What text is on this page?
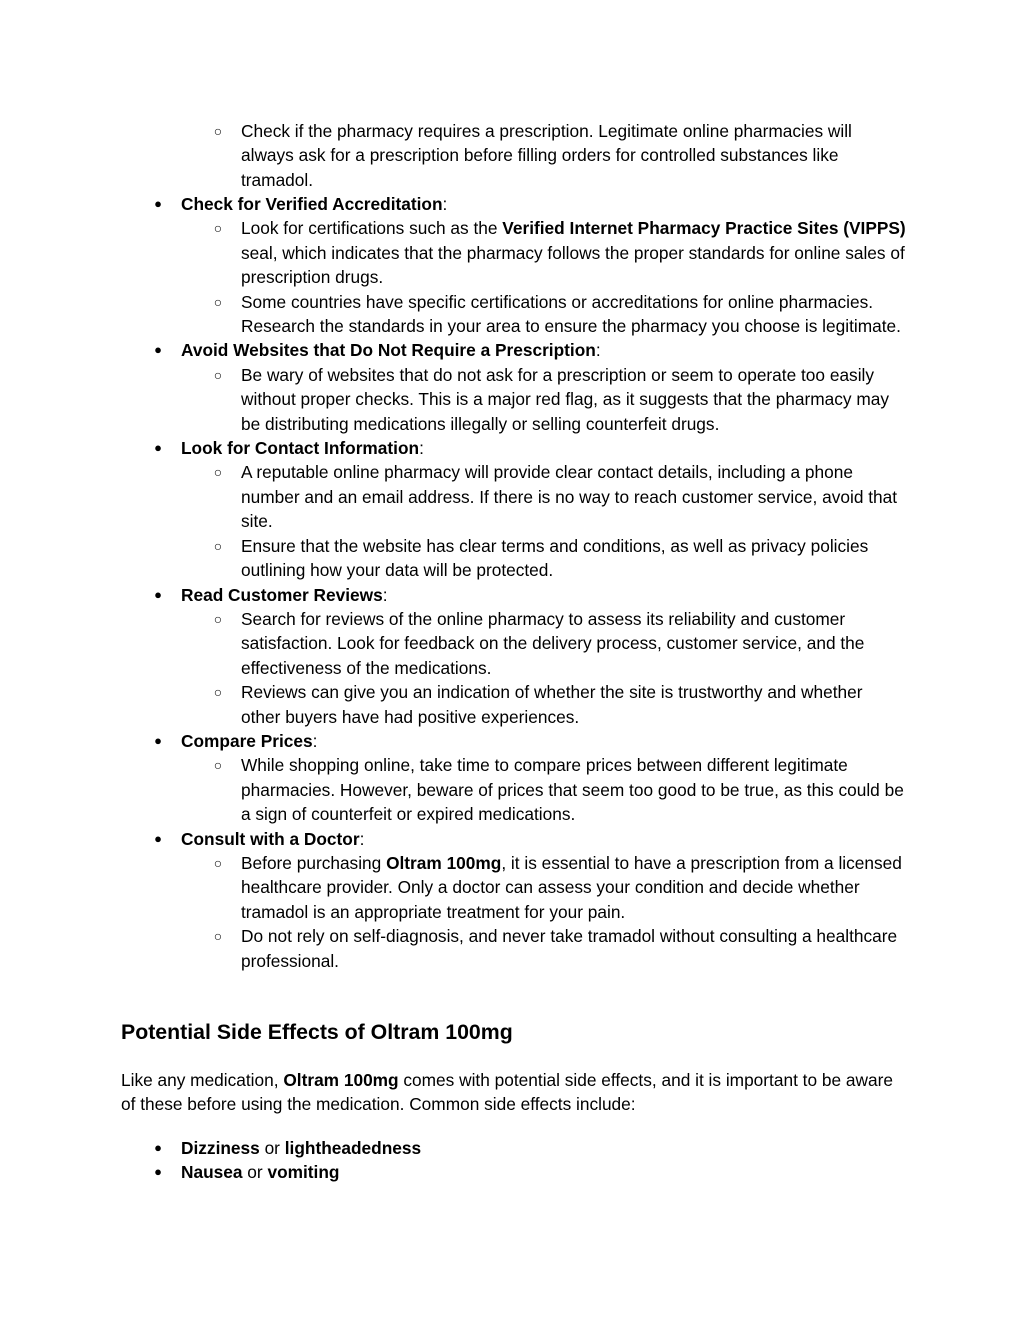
○ Check if the pharmacy requires a prescription. Legitimate online pharmacies will always ask for a prescription before filling orders for controlled substances like tramadol.
●	Check for Verified Accreditation:
○ Look for certifications such as the Verified Internet Pharmacy Practice Sites (VIPPS) seal, which indicates that the pharmacy follows the proper standards for online sales of prescription drugs.
○ Some countries have specific certifications or accreditations for online pharmacies. Research the standards in your area to ensure the pharmacy you choose is legitimate.
●	Avoid Websites that Do Not Require a Prescription:
○ Be wary of websites that do not ask for a prescription or seem to operate too easily without proper checks. This is a major red flag, as it suggests that the pharmacy may be distributing medications illegally or selling counterfeit drugs.
●	Look for Contact Information:
○ A reputable online pharmacy will provide clear contact details, including a phone number and an email address. If there is no way to reach customer service, avoid that site.
○ Ensure that the website has clear terms and conditions, as well as privacy policies outlining how your data will be protected.
●	Read Customer Reviews:
○ Search for reviews of the online pharmacy to assess its reliability and customer satisfaction. Look for feedback on the delivery process, customer service, and the effectiveness of the medications.
○ Reviews can give you an indication of whether the site is trustworthy and whether other buyers have had positive experiences.
●	Compare Prices:
○ While shopping online, take time to compare prices between different legitimate pharmacies. However, beware of prices that seem too good to be true, as this could be a sign of counterfeit or expired medications.
●	Consult with a Doctor:
○ Before purchasing Oltram 100mg, it is essential to have a prescription from a licensed healthcare provider. Only a doctor can assess your condition and decide whether tramadol is an appropriate treatment for your pain.
○ Do not rely on self-diagnosis, and never take tramadol without consulting a healthcare professional.
Potential Side Effects of Oltram 100mg

Like any medication, Oltram 100mg comes with potential side effects, and it is important to be aware of these before using the medication. Common side effects include:

●	Dizziness or lightheadedness
●	Nausea or vomiting
